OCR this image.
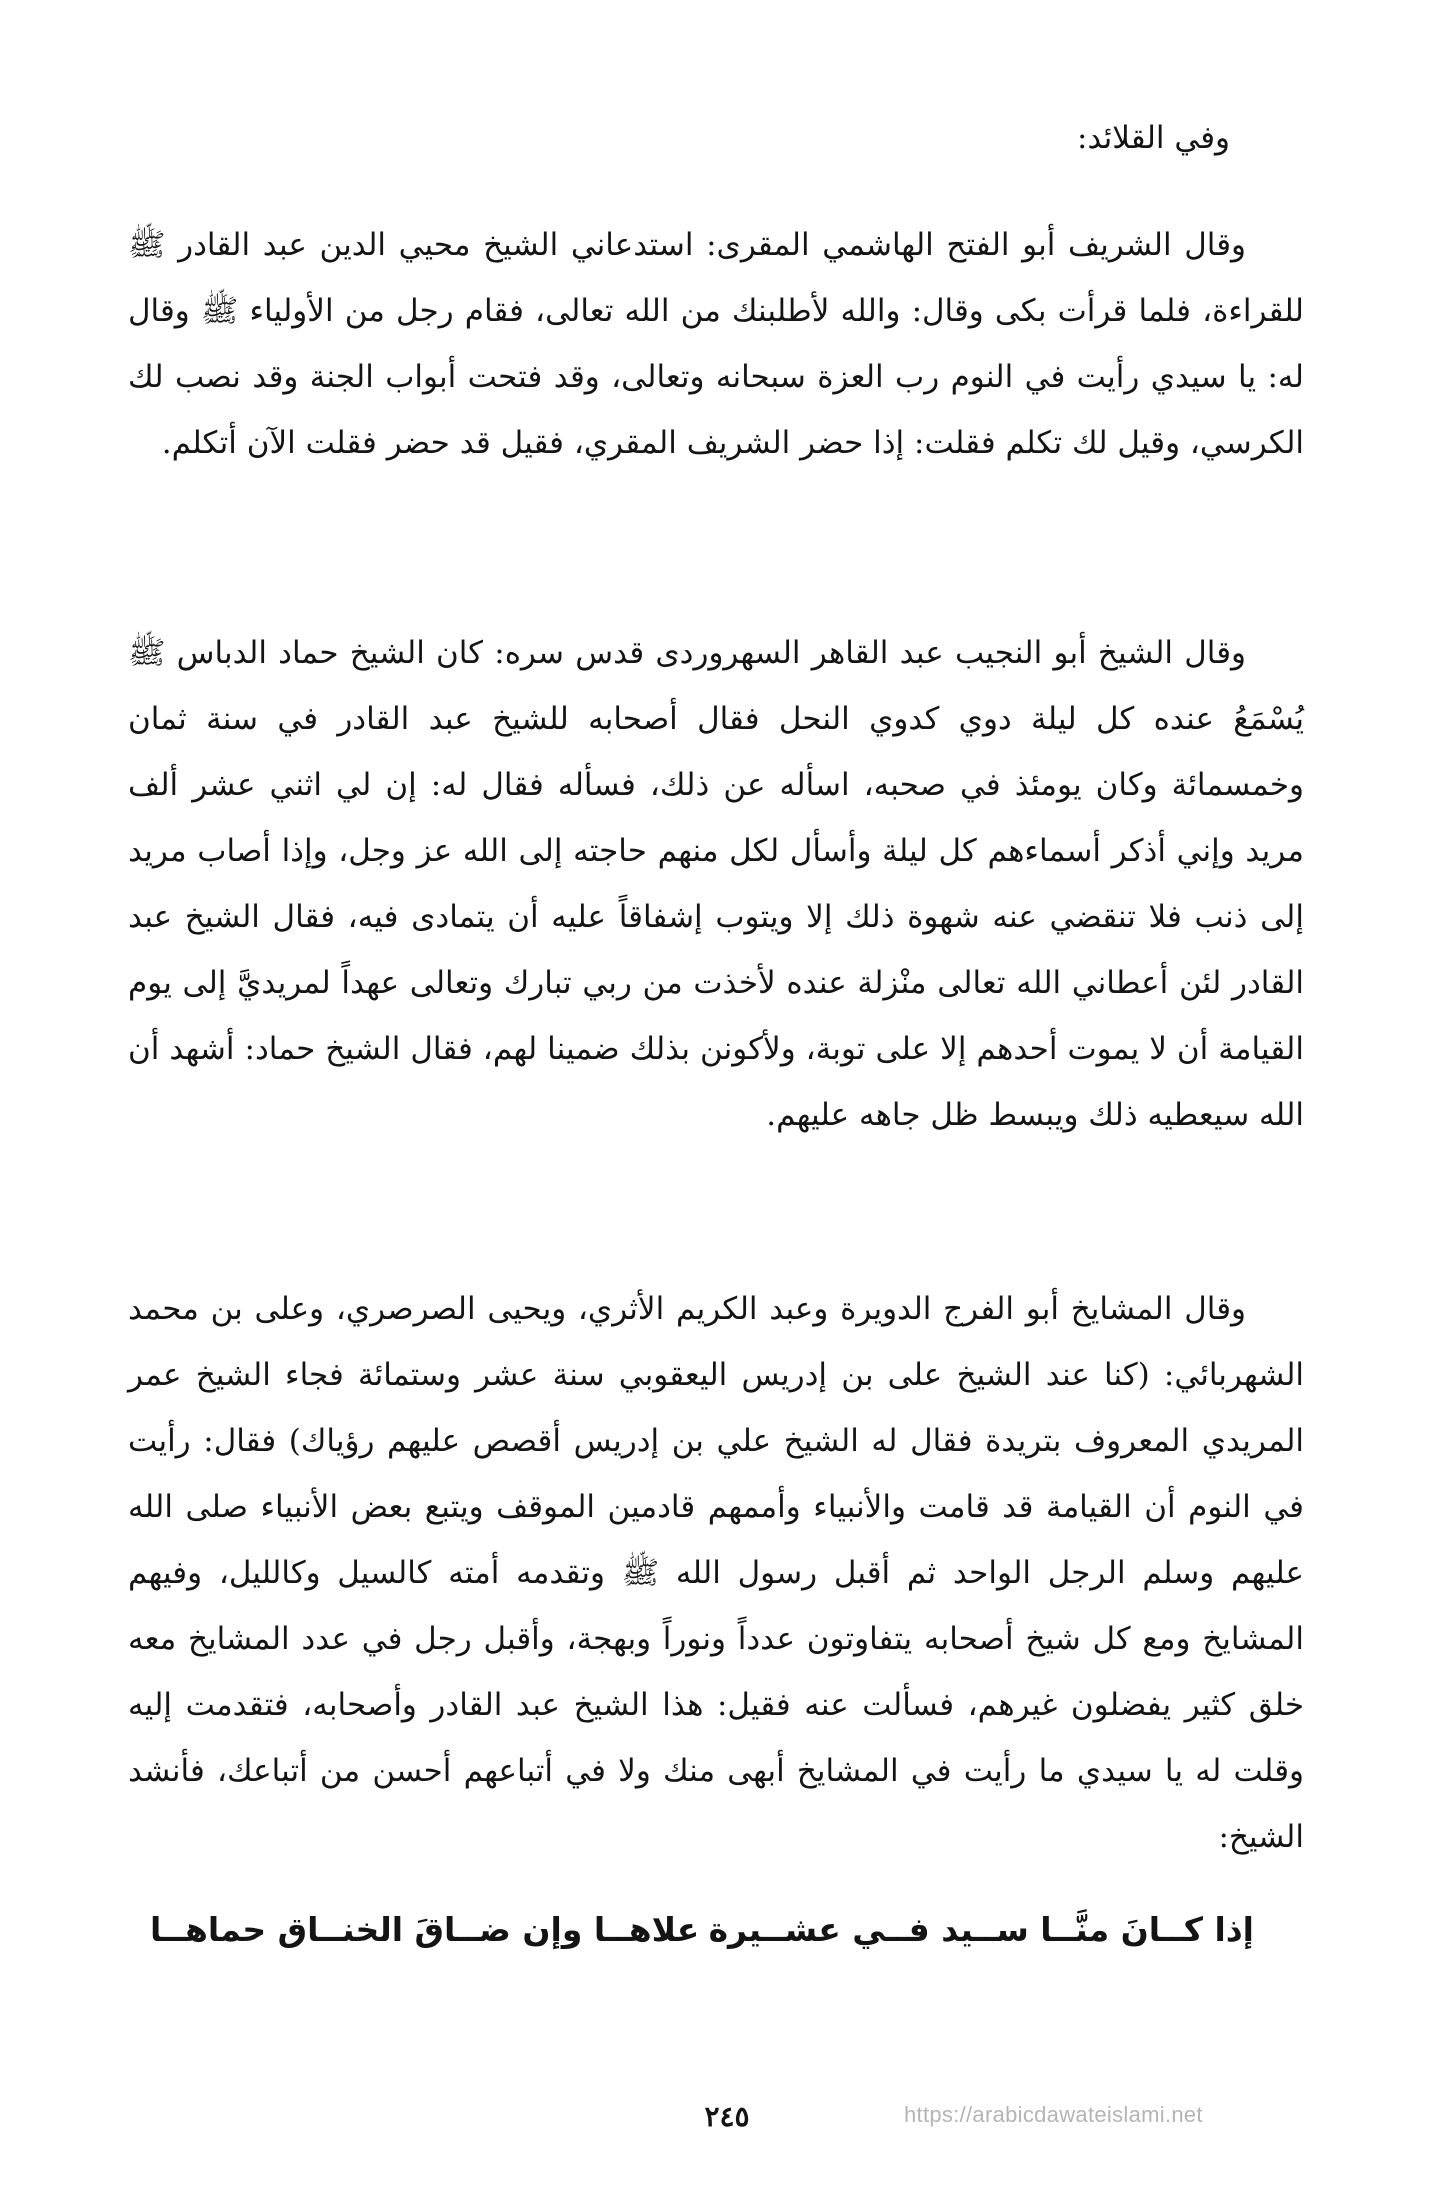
وفي القلائد:

وقال الشريف أبو الفتح الهاشمي المقرى: استدعاني الشيخ محيي الدين عبد القادر ﷺ للقراءة، فلما قرأت بكى وقال: والله لأطلبنك من الله تعالى، فقام رجل من الأولياء ﷺ وقال له: يا سيدي رأيت في النوم رب العزة سبحانه وتعالى، وقد فتحت أبواب الجنة وقد نصب لك الكرسي، وقيل لك تكلم فقلت: إذا حضر الشريف المقري، فقيل قد حضر فقلت الآن أتكلم.

وقال الشيخ أبو النجيب عبد القاهر السهروردى قدس سره: كان الشيخ حماد الدباس ﷺ يُسْمَعُ عنده كل ليلة دوي كدوي النحل فقال أصحابه للشيخ عبد القادر في سنة ثمان وخمسمائة وكان يومئذ في صحبه، اسأله عن ذلك، فسأله فقال له: إن لي اثني عشر ألف مريد وإني أذكر أسماءهم كل ليلة وأسأل لكل منهم حاجته إلى الله عز وجل، وإذا أصاب مريد إلى ذنب فلا تنقضي عنه شهوة ذلك إلا ويتوب إشفاقاً عليه أن يتمادى فيه، فقال الشيخ عبد القادر لئن أعطاني الله تعالى منْزلة عنده لأخذت من ربي تبارك وتعالى عهداً لمريديَّ إلى يوم القيامة أن لا يموت أحدهم إلا على توبة، ولأكونن بذلك ضمينا لهم، فقال الشيخ حماد: أشهد أن الله سيعطيه ذلك ويبسط ظل جاهه عليهم.

وقال المشايخ أبو الفرج الدويرة وعبد الكريم الأثري، ويحيى الصرصري، وعلى بن محمد الشهربائي: (كنا عند الشيخ على بن إدريس اليعقوبي سنة عشر وستمائة فجاء الشيخ عمر المريدي المعروف بتريدة فقال له الشيخ علي بن إدريس أقصص عليهم رؤياك) فقال: رأيت في النوم أن القيامة قد قامت والأنبياء وأممهم قادمين الموقف ويتبع بعض الأنبياء صلى الله عليهم وسلم الرجل الواحد ثم أقبل رسول الله ﷺ وتقدمه أمته كالسيل وكالليل، وفيهم المشايخ ومع كل شيخ أصحابه يتفاوتون عدداً ونوراً وبهجة، وأقبل رجل في عدد المشايخ معه خلق كثير يفضلون غيرهم، فسألت عنه فقيل: هذا الشيخ عبد القادر وأصحابه، فتقدمت إليه وقلت له يا سيدي ما رأيت في المشايخ أبهى منك ولا في أتباعهم أحسن من أتباعك، فأنشد الشيخ:

إذا كــانَ منَّــا ســيد فــي عشــيرة
علاهــا وإن ضــاقَ الخنــاق حماهــا
٢٤٥	https://arabicdawateislami.net
